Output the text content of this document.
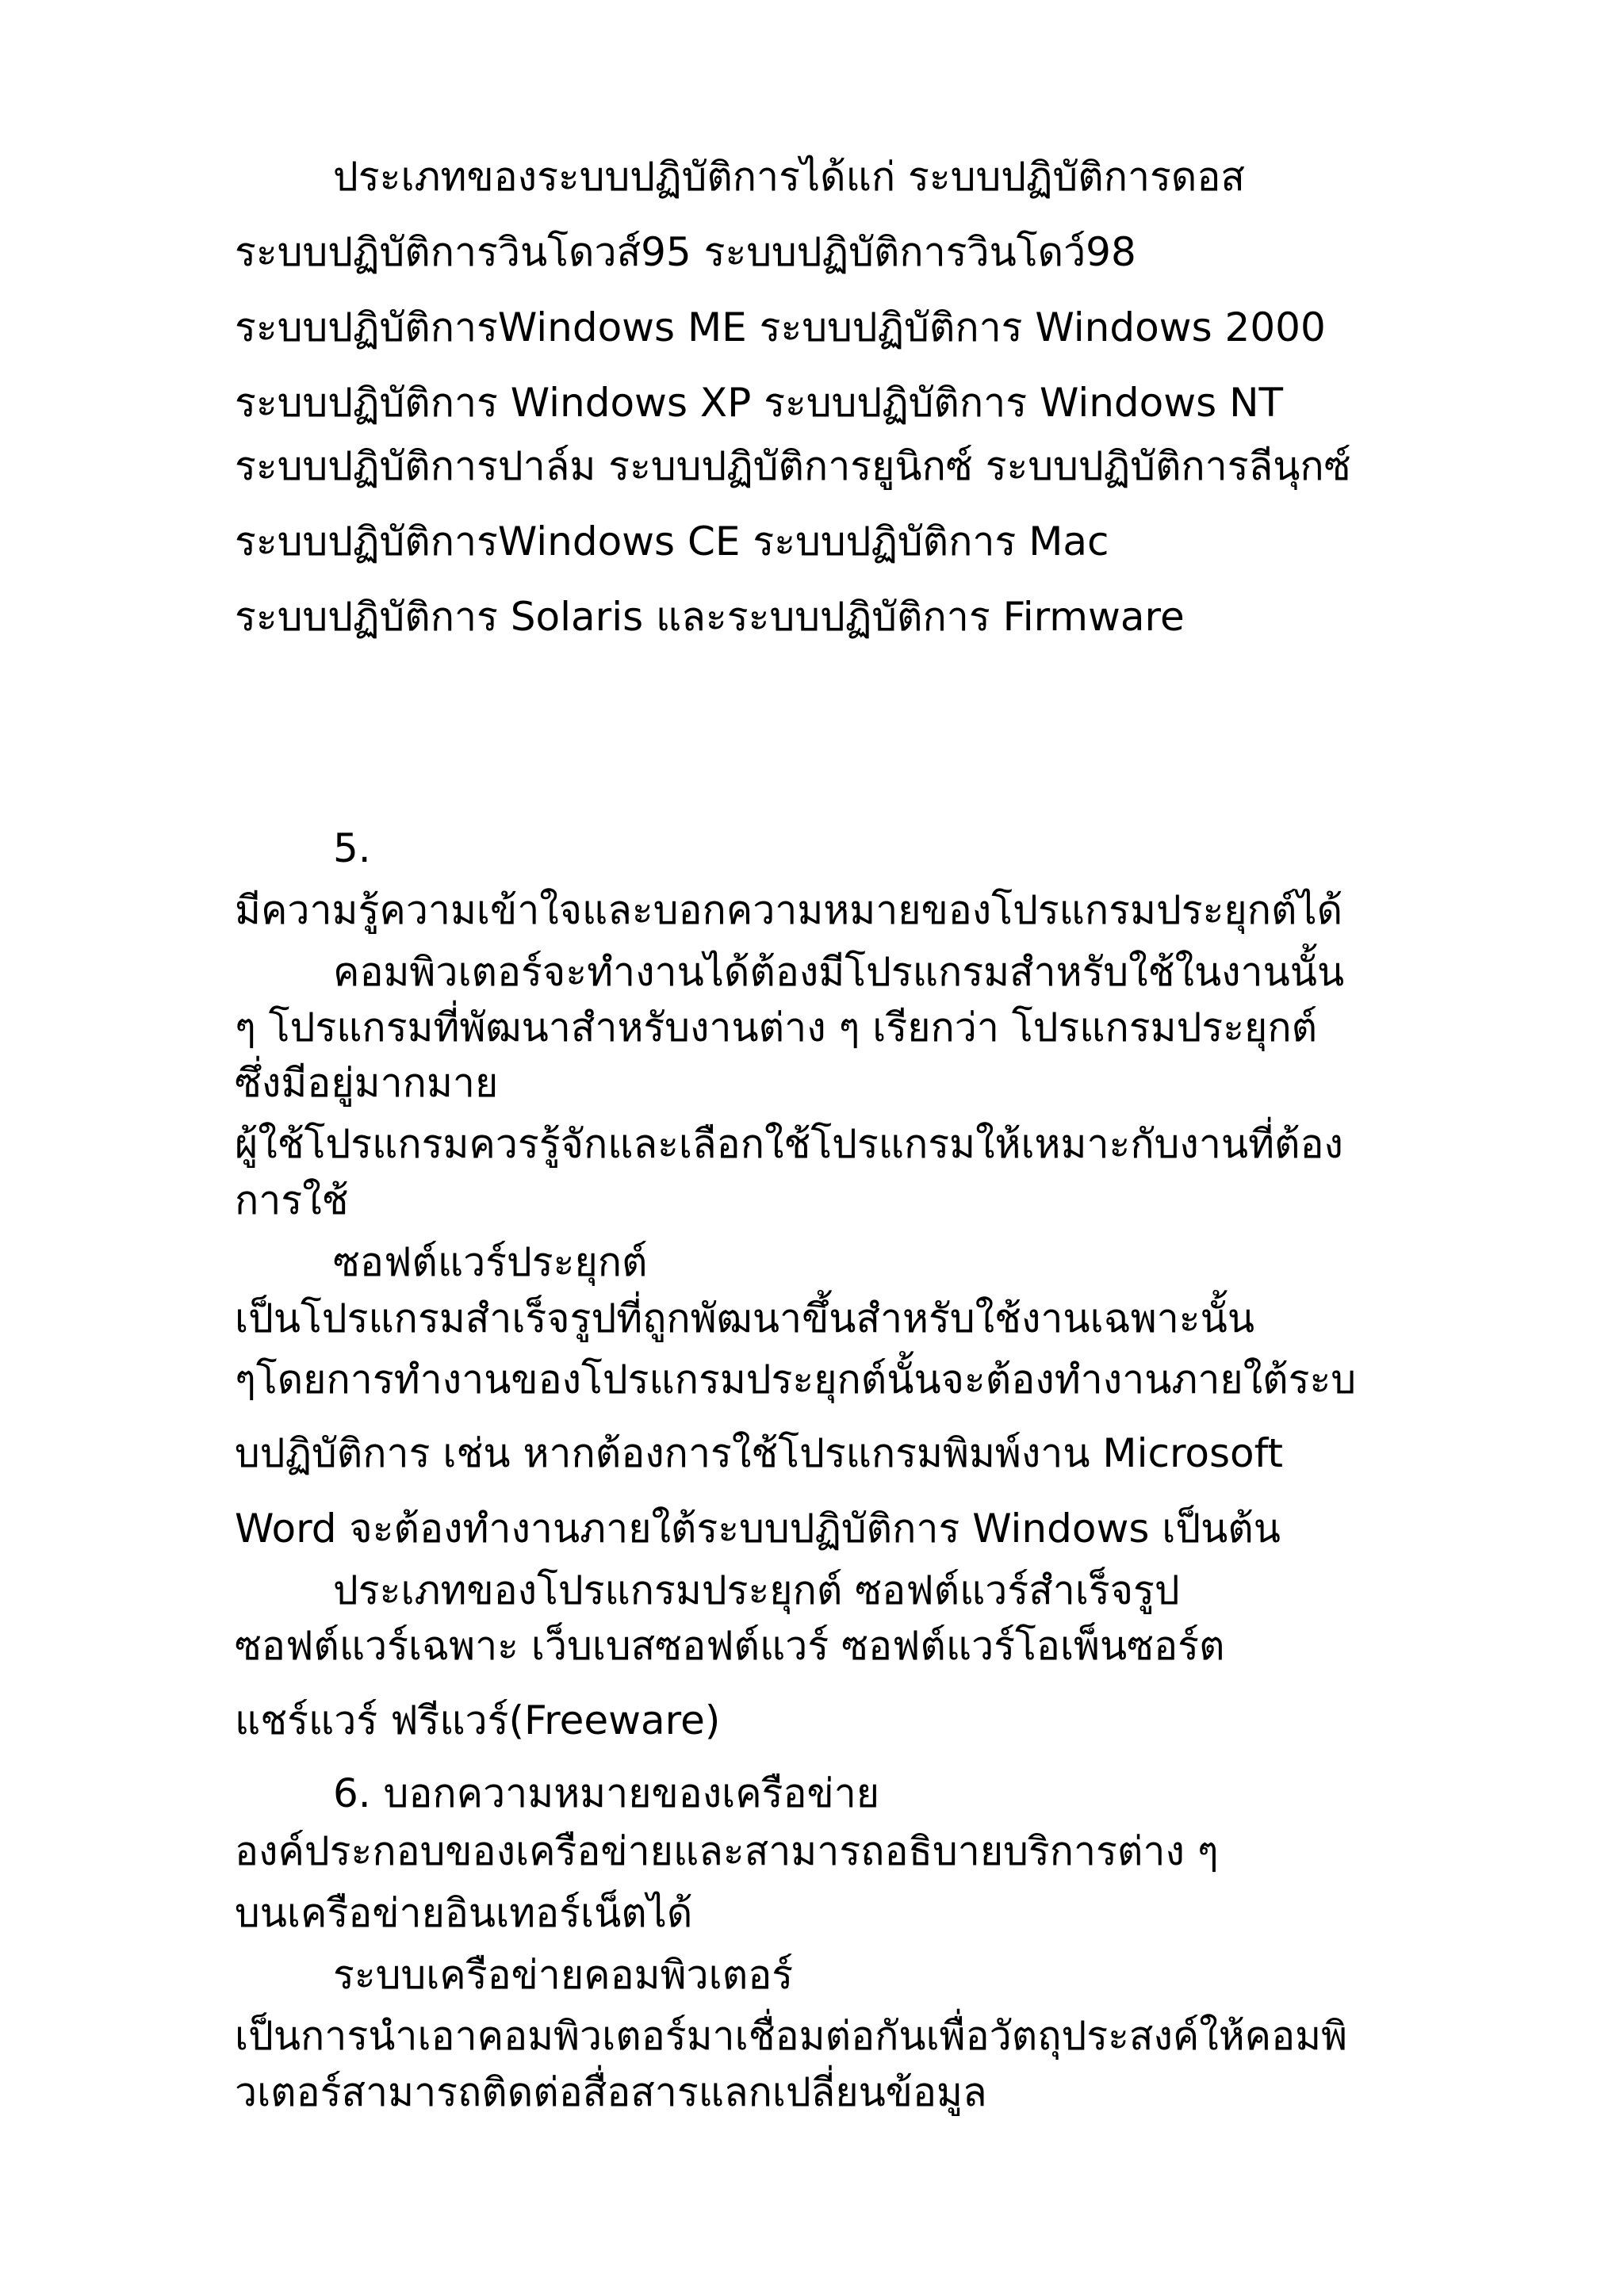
ประเภทของระบบปฏิบัติการได้แก่ ระบบปฏิบัติการดอส
ระบบปฏิบัติการวินโดวส์95 ระบบปฏิบัติการวินโดว์98
ระบบปฏิบัติการWindows ME ระบบปฏิบัติการ Windows 2000
ระบบปฏิบัติการ Windows XP ระบบปฏิบัติการ Windows NT
ระบบปฏิบัติการปาล์ม ระบบปฏิบัติการยูนิกซ์ ระบบปฏิบัติการลีนุกซ์
ระบบปฏิบัติการWindows CE ระบบปฏิบัติการ Mac
ระบบปฏิบัติการ Solaris และระบบปฏิบัติการ Firmware
5.
มีความรู้ความเข้าใจและบอกความหมายของโปรแกรมประยุกต์ได้
คอมพิวเตอร์จะทำงานได้ต้องมีโปรแกรมสำหรับใช้ในงานนั้น
ๆ โปรแกรมที่พัฒนาสำหรับงานต่าง ๆ เรียกว่า โปรแกรมประยุกต์
ซึ่งมีอยู่มากมาย
ผู้ใช้โปรแกรมควรรู้จักและเลือกใช้โปรแกรมให้เหมาะกับงานที่ต้อง
การใช้
ซอฟต์แวร์ประยุกต์
เป็นโปรแกรมสำเร็จรูปที่ถูกพัฒนาขึ้นสำหรับใช้งานเฉพาะนั้น
ๆโดยการทำงานของโปรแกรมประยุกต์นั้นจะต้องทำงานภายใต้ระบ
บปฏิบัติการ เช่น หากต้องการใช้โปรแกรมพิมพ์งาน Microsoft
Word จะต้องทำงานภายใต้ระบบปฏิบัติการ Windows เป็นต้น
ประเภทของโปรแกรมประยุกต์ ซอฟต์แวร์สำเร็จรูป
ซอฟต์แวร์เฉพาะ เว็บเบสซอฟต์แวร์ ซอฟต์แวร์โอเพ็นซอร์ต
แชร์แวร์ ฟรีแวร์(Freeware)
6. บอกความหมายของเครือข่าย
องค์ประกอบของเครือข่ายและสามารถอธิบายบริการต่าง ๆ
บนเครือข่ายอินเทอร์เน็ตได้
ระบบเครือข่ายคอมพิวเตอร์
เป็นการนำเอาคอมพิวเตอร์มาเชื่อมต่อกันเพื่อวัตถุประสงค์ให้คอมพิ
วเตอร์สามารถติดต่อสื่อสารแลกเปลี่ยนข้อมูล
